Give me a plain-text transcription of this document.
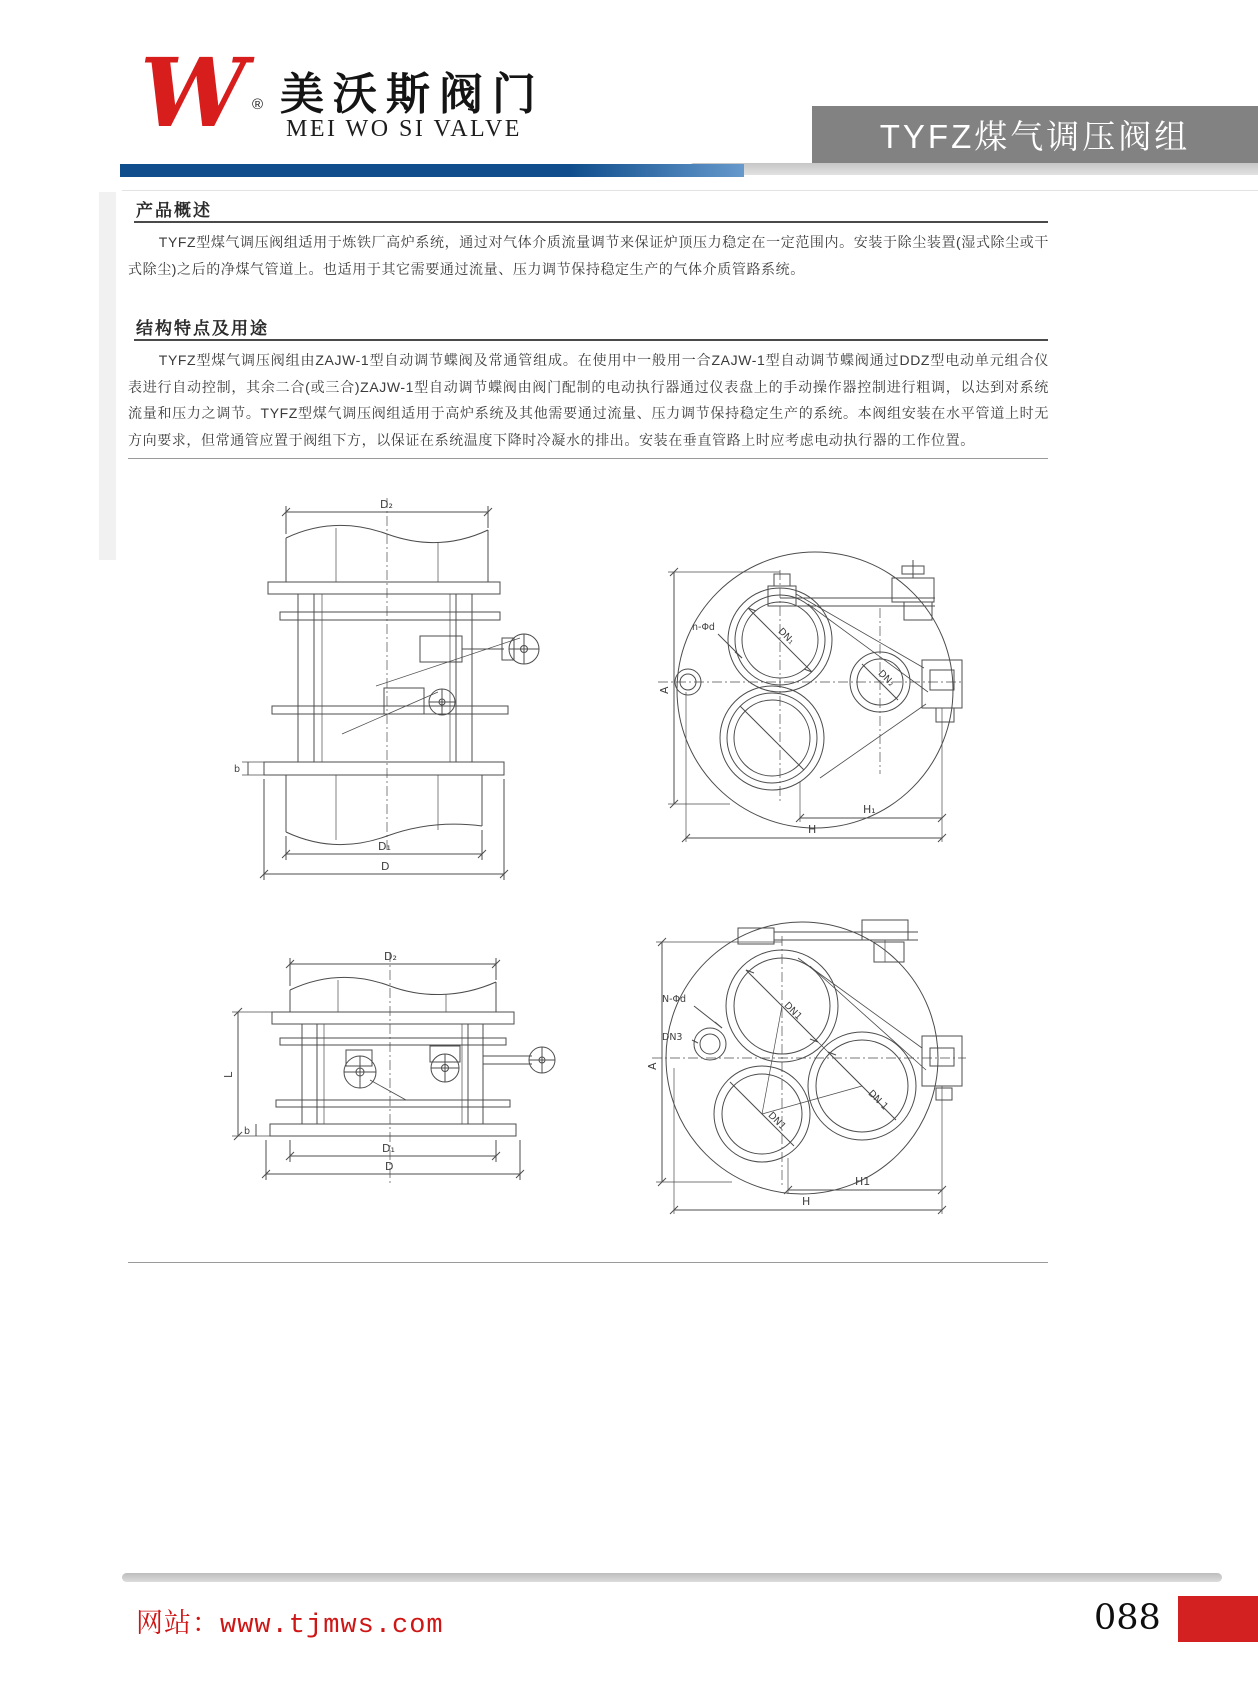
W ® 美沃斯阀门
MEI WO SI VALVE	TYFZ煤气调压阀组
产品概述
TYFZ型煤气调压阀组适用于炼铁厂高炉系统，通过对气体介质流量调节来保证炉顶压力稳定在一定范围内。安装于除尘装置(湿式除尘或干式除尘)之后的净煤气管道上。也适用于其它需要通过流量、压力调节保持稳定生产的气体介质管路系统。
结构特点及用途
TYFZ型煤气调压阀组由ZAJW-1型自动调节蝶阀及常通管组成。在使用中一般用一合ZAJW-1型自动调节蝶阀通过DDZ型电动单元组合仪表进行自动控制，其余二合(或三合)ZAJW-1型自动调节蝶阀由阀门配制的电动执行器通过仪表盘上的手动操作器控制进行粗调，以达到对系统流量和压力之调节。TYFZ型煤气调压阀组适用于高炉系统及其他需要通过流量、压力调节保持稳定生产的系统。本阀组安装在水平管道上时无方向要求，但常通管应置于阀组下方，以保证在系统温度下降时冷凝水的排出。安装在垂直管路上时应考虑电动执行器的工作位置。
D₂
D₁
D
b
n-Φd
A
DN₁
DN₂
H₁
H
D₂
L
b
D₁
D
N-Φd
DN3
A
DN1
DN 1
DN1
H1
H
网站：www.tjmws.com	088
